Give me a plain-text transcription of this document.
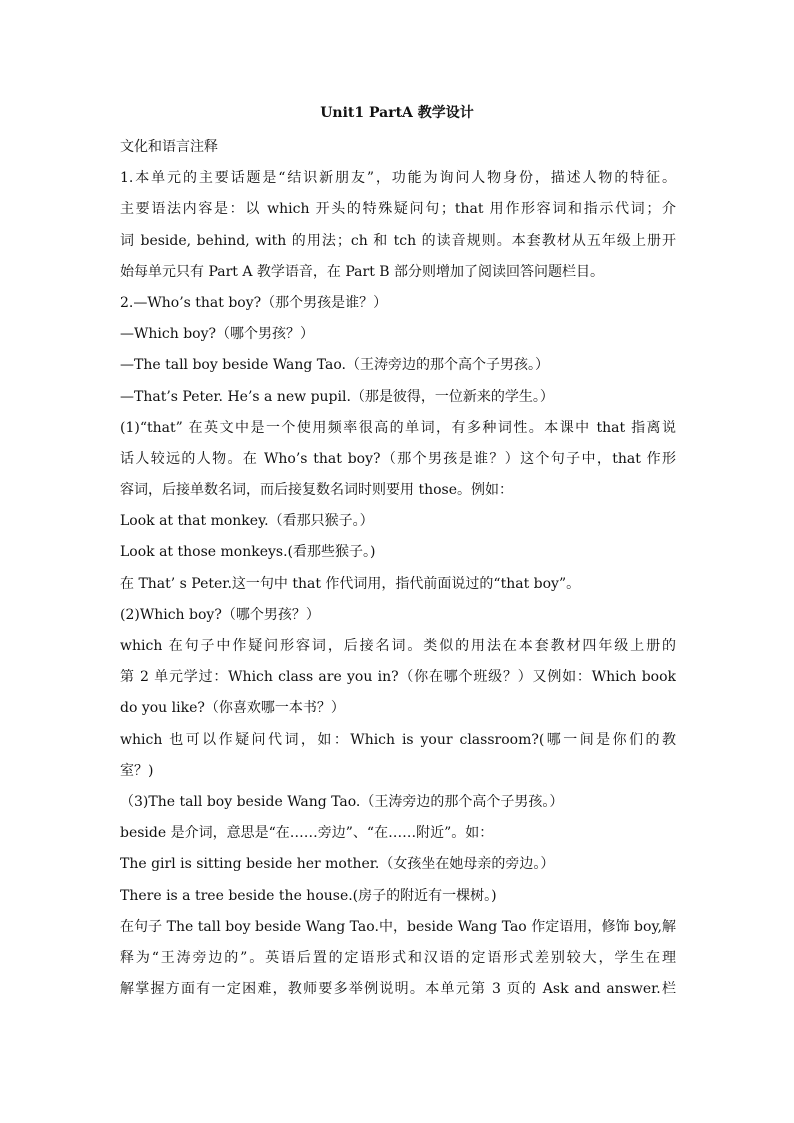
Unit1 PartA 教学设计
文化和语言注释
1.本单元的主要话题是“结识新朋友”，功能为询问人物身份，描述人物的特征。
主要语法内容是：以 which 开头的特殊疑问句；that 用作形容词和指示代词；介
词 beside, behind, with 的用法；ch 和 tch 的读音规则。本套教材从五年级上册开
始每单元只有 Part A 教学语音，在 Part B 部分则增加了阅读回答问题栏目。
2.—Who’s that boy?（那个男孩是谁？）
—Which boy?（哪个男孩？）
—The tall boy beside Wang Tao.（王涛旁边的那个高个子男孩。）
—That’s Peter. He’s a new pupil.（那是彼得，一位新来的学生。）
(1)“that” 在英文中是一个使用频率很高的单词，有多种词性。本课中 that 指离说
话人较远的人物。在 Who’s that boy?（那个男孩是谁？）这个句子中，that 作形
容词，后接单数名词，而后接复数名词时则要用 those。例如：
Look at that monkey.（看那只猴子。）
Look at those monkeys.(看那些猴子。)
在 That’ s Peter.这一句中 that 作代词用，指代前面说过的“that boy”。
(2)Which boy?（哪个男孩？）
which 在句子中作疑问形容词，后接名词。类似的用法在本套教材四年级上册的
第 2 单元学过：Which class are you in?（你在哪个班级？）又例如：Which book
do you like?（你喜欢哪一本书？）
which 也可以作疑问代词，如：Which is your classroom?(哪一间是你们的教
室？)
（3)The tall boy beside Wang Tao.（王涛旁边的那个高个子男孩。）
beside 是介词，意思是“在……旁边”、“在……附近”。如：
The girl is sitting beside her mother.（女孩坐在她母亲的旁边。）
There is a tree beside the house.(房子的附近有一棵树。)
在句子 The tall boy beside Wang Tao.中，beside Wang Tao 作定语用，修饰 boy,解
释为“王涛旁边的”。英语后置的定语形式和汉语的定语形式差别较大，学生在理
解掌握方面有一定困难，教师要多举例说明。本单元第 3 页的 Ask and answer.栏
